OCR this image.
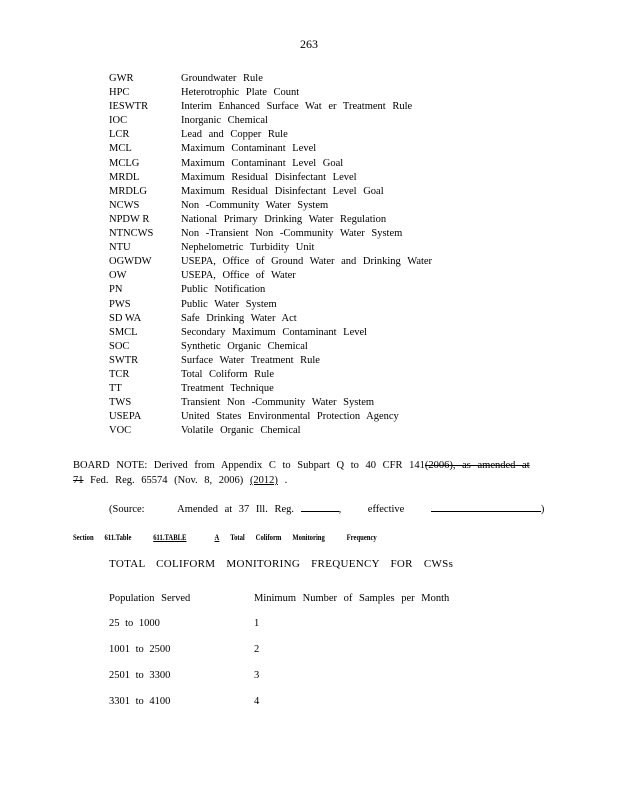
263
GWR	Groundwater Rule
HPC	Heterotrophic Plate Count
IESWTR	Interim Enhanced Surface Wat er Treatment Rule
IOC	Inorganic Chemical
LCR	Lead and Copper Rule
MCL	Maximum Contaminant Level
MCLG	Maximum Contaminant Level Goal
MRDL	Maximum Residual Disinfectant Level
MRDLG	Maximum Residual Disinfectant Level Goal
NCWS	Non -Community Water System
NPDW R	National Primary Drinking Water Regulation
NTNCWS	Non -Transient Non -Community Water System
NTU	Nephelometric Turbidity Unit
OGWDW	USEPA, Office of Ground Water and Drinking Water
OW	USEPA, Office of Water
PN	Public Notification
PWS	Public Water System
SD WA	Safe Drinking Water Act
SMCL	Secondary Maximum Contaminant Level
SOC	Synthetic Organic Chemical
SWTR	Surface Water Treatment Rule
TCR	Total Coliform Rule
TT	Treatment Technique
TWS	Transient Non -Community Water System
USEPA	United States Environmental Protection Agency
VOC	Volatile Organic Chemical
BOARD NOTE: Derived from Appendix C to Subpart Q to 40 CFR 141(2006), as amended at 71 Fed. Reg. 65574 (Nov. 8, 2006) (2012) .
(Source:	Amended at 37 Ill. Reg.	,    effective	)
Section 611.Table	611.TABLE	A Total Coliform Monitoring	Frequency
TOTAL COLIFORM MONITORING FREQUENCY FOR CWSs
Population Served	Minimum Number of Samples per Month
25 to 1000	1
1001 to 2500	2
2501 to 3300	3
3301 to 4100	4
